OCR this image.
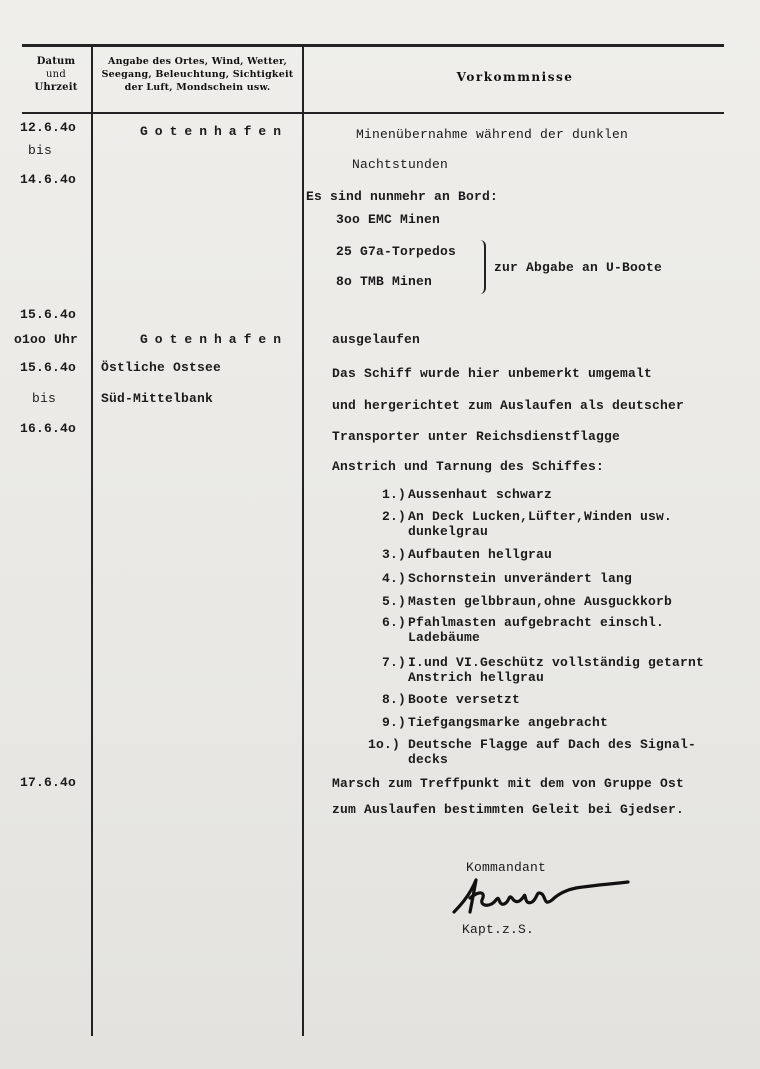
Datum
und
Uhrzeit
Angabe des Ortes, Wind, Wetter,
Seegang, Beleuchtung, Sichtigkeit
der Luft, Mondschein usw.
Vorkommnisse
12.6.4o
bis
14.6.4o
15.6.4o
o1oo Uhr
15.6.4o
bis
16.6.4o
17.6.4o
Gotenhafen
Gotenhafen
Östliche Ostsee
Süd-Mittelbank
Minenübernahme während der dunklen
Nachtstunden
Es sind nunmehr an Bord:
3oo EMC Minen
25 G7a-Torpedos
8o TMB Minen
zur Abgabe an U-Boote
ausgelaufen
Das Schiff wurde hier unbemerkt umgemalt
und hergerichtet zum Auslaufen als deutscher
Transporter unter Reichsdienstflagge
Anstrich und Tarnung des Schiffes:
1.) Aussenhaut schwarz
2.) An Deck Lucken,Lüfter,Winden usw.
dunkelgrau
3.) Aufbauten hellgrau
4.) Schornstein unverändert lang
5.) Masten gelbbraun,ohne Ausguckkorb
6.) Pfahlmasten aufgebracht einschl.
Ladebäume
7.) I.und VI.Geschütz vollständig getarnt
Anstrich hellgrau
8.) Boote versetzt
9.) Tiefgangsmarke angebracht
1o.) Deutsche Flagge auf Dach des Signal-
decks
Marsch zum Treffpunkt mit dem von Gruppe Ost
zum Auslaufen bestimmten Geleit bei Gjedser.
Kommandant
Kapt.z.S.
